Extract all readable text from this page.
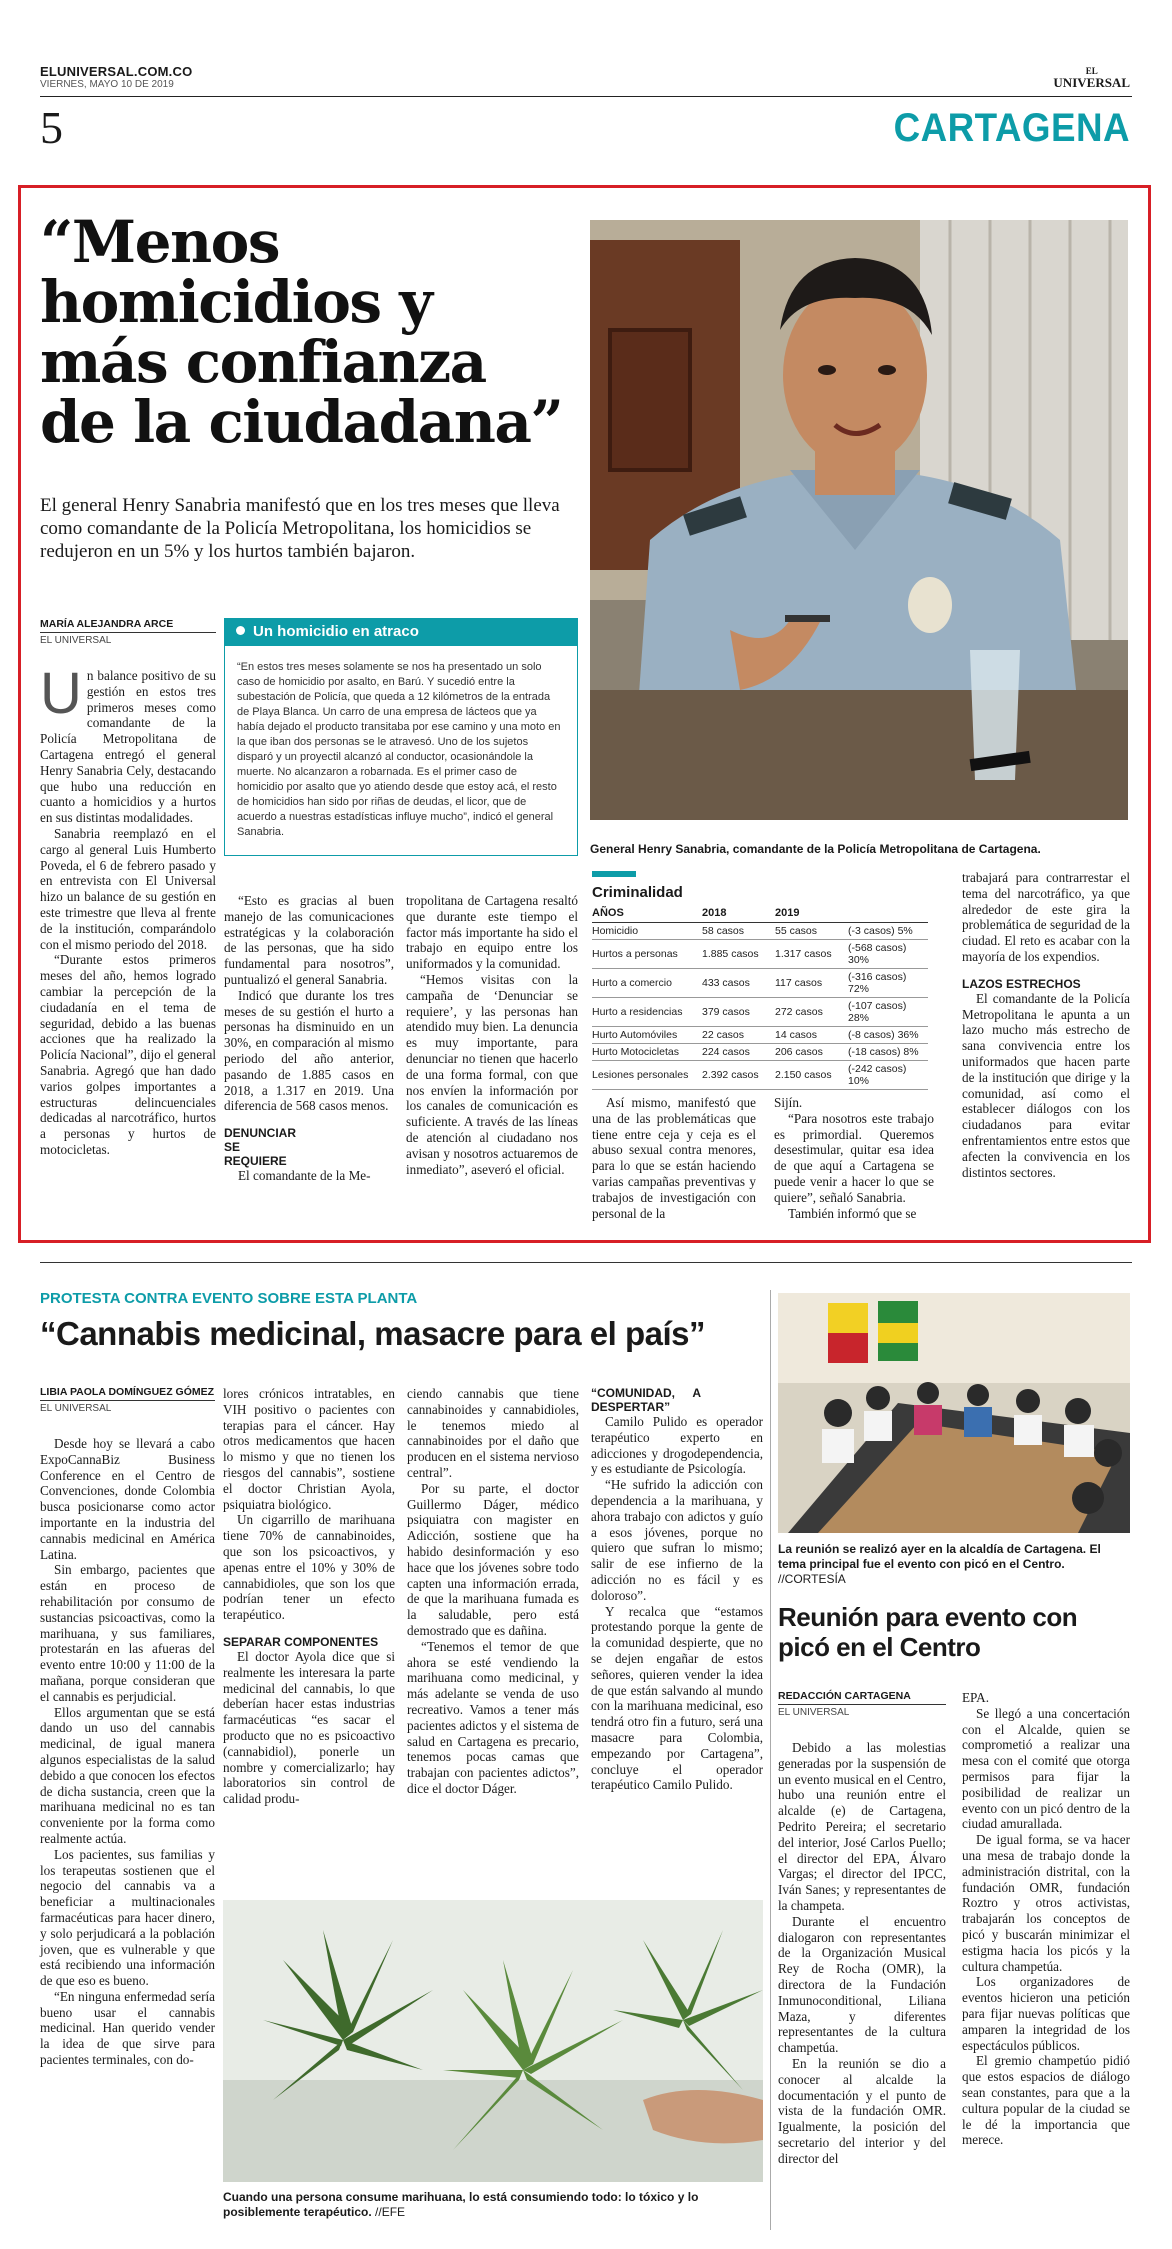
ELUNIVERSAL.COM.CO
VIERNES, MAYO 10 DE 2019
EL
UNIVERSAL
5	CARTAGENA
“Menos
homicidios y
más confianza
de la ciudadana”
El general Henry Sanabria manifestó que en los tres meses que lleva como comandante de la Policía Metropolitana, los homicidios se redujeron en un 5% y los hurtos también bajaron.
General Henry Sanabria, comandante de la Policía Metropolitana de Cartagena.
MARÍA ALEJANDRA ARCE
EL UNIVERSAL

Un balance positivo de su gestión en estos tres primeros meses como comandante de la Policía Metropolitana de Cartagena entregó el general Henry Sanabria Cely, destacando que hubo una reducción en cuanto a homicidios y a hurtos en sus distintas modalidades.

Sanabria reemplazó en el cargo al general Luis Humberto Poveda, el 6 de febrero pasado y en entrevista con El Universal hizo un balance de su gestión en este trimestre que lleva al frente de la institución, comparándolo con el mismo periodo del 2018.

“Durante estos primeros meses del año, hemos logrado cambiar la percepción de la ciudadanía en el tema de seguridad, debido a las buenas acciones que ha realizado la Policía Nacional”, dijo el general Sanabria. Agregó que han dado varios golpes importantes a estructuras delincuenciales dedicadas al narcotráfico, hurtos a personas y hurtos de motocicletas.

Un homicidio en atraco
“En estos tres meses solamente se nos ha presentado un solo caso de homicidio por asalto, en Barú. Y sucedió entre la subestación de Policía, que queda a 12 kilómetros de la entrada de Playa Blanca. Un carro de una empresa de lácteos que ya había dejado el producto transitaba por ese camino y una moto en la que iban dos personas se le atravesó. Uno de los sujetos disparó y un proyectil alcanzó al conductor, ocasionándole la muerte. No alcanzaron a robarnada. Es el primer caso de homicidio por asalto que yo atiendo desde que estoy acá, el resto de homicidios han sido por riñas de deudas, el licor, que de acuerdo a nuestras estadísticas influye mucho”, indicó el general Sanabria.

“Esto es gracias al buen manejo de las comunicaciones estratégicas y la colaboración de las personas, que ha sido fundamental para nosotros”, puntualizó el general Sanabria.

Indicó que durante los tres meses de su gestión el hurto a personas ha disminuido en un 30%, en comparación al mismo periodo del año anterior, pasando de 1.885 casos en 2018, a 1.317 en 2019. Una diferencia de 568 casos menos.

DENUNCIAR SE REQUIERE

El comandante de la Me-

tropolitana de Cartagena resaltó que durante este tiempo el factor más importante ha sido el trabajo en equipo entre los uniformados y la comunidad.

“Hemos visitas con la campaña de ‘Denunciar se requiere’, y las personas han atendido muy bien. La denuncia es muy importante, para denunciar no tienen que hacerlo de una forma formal, con que nos envíen la información por los canales de comunicación es suficiente. A través de las líneas de atención al ciudadano nos avisan y nosotros actuaremos de inmediato”, aseveró el oficial.

Criminalidad
AÑOS	2018	2019	
Homicidio	58 casos	55 casos	(-3 casos) 5%
Hurtos a personas	1.885 casos	1.317 casos	(-568 casos) 30%
Hurto a comercio	433 casos	117 casos	(-316 casos) 72%
Hurto a residencias	379 casos	272 casos	(-107 casos) 28%
Hurto Automóviles	22 casos	14 casos	(-8 casos) 36%
Hurto Motocicletas	224 casos	206 casos	(-18 casos) 8%
Lesiones personales	2.392 casos	2.150 casos	(-242 casos) 10%

Así mismo, manifestó que una de las problemáticas que tiene entre ceja y ceja es el abuso sexual contra menores, para lo que se están haciendo varias campañas preventivas y trabajos de investigación con personal de la

Sijín.

“Para nosotros este trabajo es primordial. Queremos desestimular, quitar esa idea de que aquí a Cartagena se puede venir a hacer lo que se quiere”, señaló Sanabria.

También informó que se

trabajará para contrarrestar el tema del narcotráfico, ya que alrededor de este gira la problemática de seguridad de la ciudad. El reto es acabar con la mayoría de los expendios.

LAZOS ESTRECHOS

El comandante de la Policía Metropolitana le apunta a un lazo mucho más estrecho de sana convivencia entre los uniformados que hacen parte de la institución que dirige y la comunidad, así como el establecer diálogos con los ciudadanos para evitar enfrentamientos entre estos que afecten la convivencia en los distintos sectores.

PROTESTA CONTRA EVENTO SOBRE ESTA PLANTA
“Cannabis medicinal, masacre para el país”
LIBIA PAOLA DOMÍNGUEZ GÓMEZ
EL UNIVERSAL

Desde hoy se llevará a cabo ExpoCannaBiz Business Conference en el Centro de Convenciones, donde Colombia busca posicionarse como actor importante en la industria del cannabis medicinal en América Latina.

Sin embargo, pacientes que están en proceso de rehabilitación por consumo de sustancias psicoactivas, como la marihuana, y sus familiares, protestarán en las afueras del evento entre 10:00 y 11:00 de la mañana, porque consideran que el cannabis es perjudicial.

Ellos argumentan que se está dando un uso del cannabis medicinal, de igual manera algunos especialistas de la salud debido a que conocen los efectos de dicha sustancia, creen que la marihuana medicinal no es tan conveniente por la forma como realmente actúa.

Los pacientes, sus familias y los terapeutas sostienen que el negocio del cannabis va a beneficiar a multinacionales farmacéuticas para hacer dinero, y solo perjudicará a la población joven, que es vulnerable y que está recibiendo una información de que eso es bueno.

“En ninguna enfermedad sería bueno usar el cannabis medicinal. Han querido vender la idea de que sirve para pacientes terminales, con do-

lores crónicos intratables, en VIH positivo o pacientes con terapias para el cáncer. Hay otros medicamentos que hacen lo mismo y que no tienen los riesgos del cannabis”, sostiene el doctor Christian Ayola, psiquiatra biológico.

Un cigarrillo de marihuana tiene 70% de cannabinoides, que son los psicoactivos, y apenas entre el 10% y 30% de cannabidioles, que son los que podrían tener un efecto terapéutico.

SEPARAR COMPONENTES

El doctor Ayola dice que si realmente les interesara la parte medicinal del cannabis, lo que deberían hacer estas industrias farmacéuticas “es sacar el producto que no es psicoactivo (cannabidiol), ponerle un nombre y comercializarlo; hay laboratorios sin control de calidad produ-

ciendo cannabis que tiene cannabinoides y cannabidioles, le tenemos miedo al cannabinoides por el daño que producen en el sistema nervioso central”.

Por su parte, el doctor Guillermo Dáger, médico psiquiatra con magister en Adicción, sostiene que ha habido desinformación y eso hace que los jóvenes sobre todo capten una información errada, de que la marihuana fumada es la saludable, pero está demostrado que es dañina.

“Tenemos el temor de que ahora se esté vendiendo la marihuana como medicinal, y más adelante se venda de uso recreativo. Vamos a tener más pacientes adictos y el sistema de salud en Cartagena es precario, tenemos pocas camas que trabajan con pacientes adictos”, dice el doctor Dáger.

“COMUNIDAD, A DESPERTAR”

Camilo Pulido es operador terapéutico experto en adicciones y drogodependencia, y es estudiante de Psicología.

“He sufrido la adicción con dependencia a la marihuana, y ahora trabajo con adictos y guío a esos jóvenes, porque no quiero que sufran lo mismo; salir de ese infierno de la adicción no es fácil y es doloroso”.

Y recalca que “estamos protestando porque la gente de la comunidad despierte, que no se dejen engañar de estos señores, quieren vender la idea de que están salvando al mundo con la marihuana medicinal, eso tendrá otro fin a futuro, será una masacre para Colombia, empezando por Cartagena”, concluye el operador terapéutico Camilo Pulido.

Cuando una persona consume marihuana, lo está consumiendo todo: lo tóxico y lo posiblemente terapéutico. //EFE
La reunión se realizó ayer en la alcaldía de Cartagena. El tema principal fue el evento con picó en el Centro. //CORTESÍA
Reunión para evento con picó en el Centro
REDACCIÓN CARTAGENA
EL UNIVERSAL

Debido a las molestias generadas por la suspensión de un evento musical en el Centro, hubo una reunión entre el alcalde (e) de Cartagena, Pedrito Pereira; el secretario del interior, José Carlos Puello; el director del EPA, Álvaro Vargas; el director del IPCC, Iván Sanes; y representantes de la champeta.

Durante el encuentro dialogaron con representantes de la Organización Musical Rey de Rocha (OMR), la directora de la Fundación Inmunoconditional, Liliana Maza, y diferentes representantes de la cultura champetúa.

En la reunión se dio a conocer al alcalde la documentación y el punto de vista de la fundación OMR. Igualmente, la posición del secretario del interior y del director del

EPA.

Se llegó a una concertación con el Alcalde, quien se comprometió a realizar una mesa con el comité que otorga permisos para fijar la posibilidad de realizar un evento con un picó dentro de la ciudad amurallada.

De igual forma, se va hacer una mesa de trabajo donde la administración distrital, con la fundación OMR, fundación Roztro y otros activistas, trabajarán los conceptos de picó y buscarán minimizar el estigma hacia los picós y la cultura champetúa.

Los organizadores de eventos hicieron una petición para fijar nuevas políticas que amparen la integridad de los espectáculos públicos.

El gremio champetúo pidió que estos espacios de diálogo sean constantes, para que a la cultura popular de la ciudad se le dé la importancia que merece.
